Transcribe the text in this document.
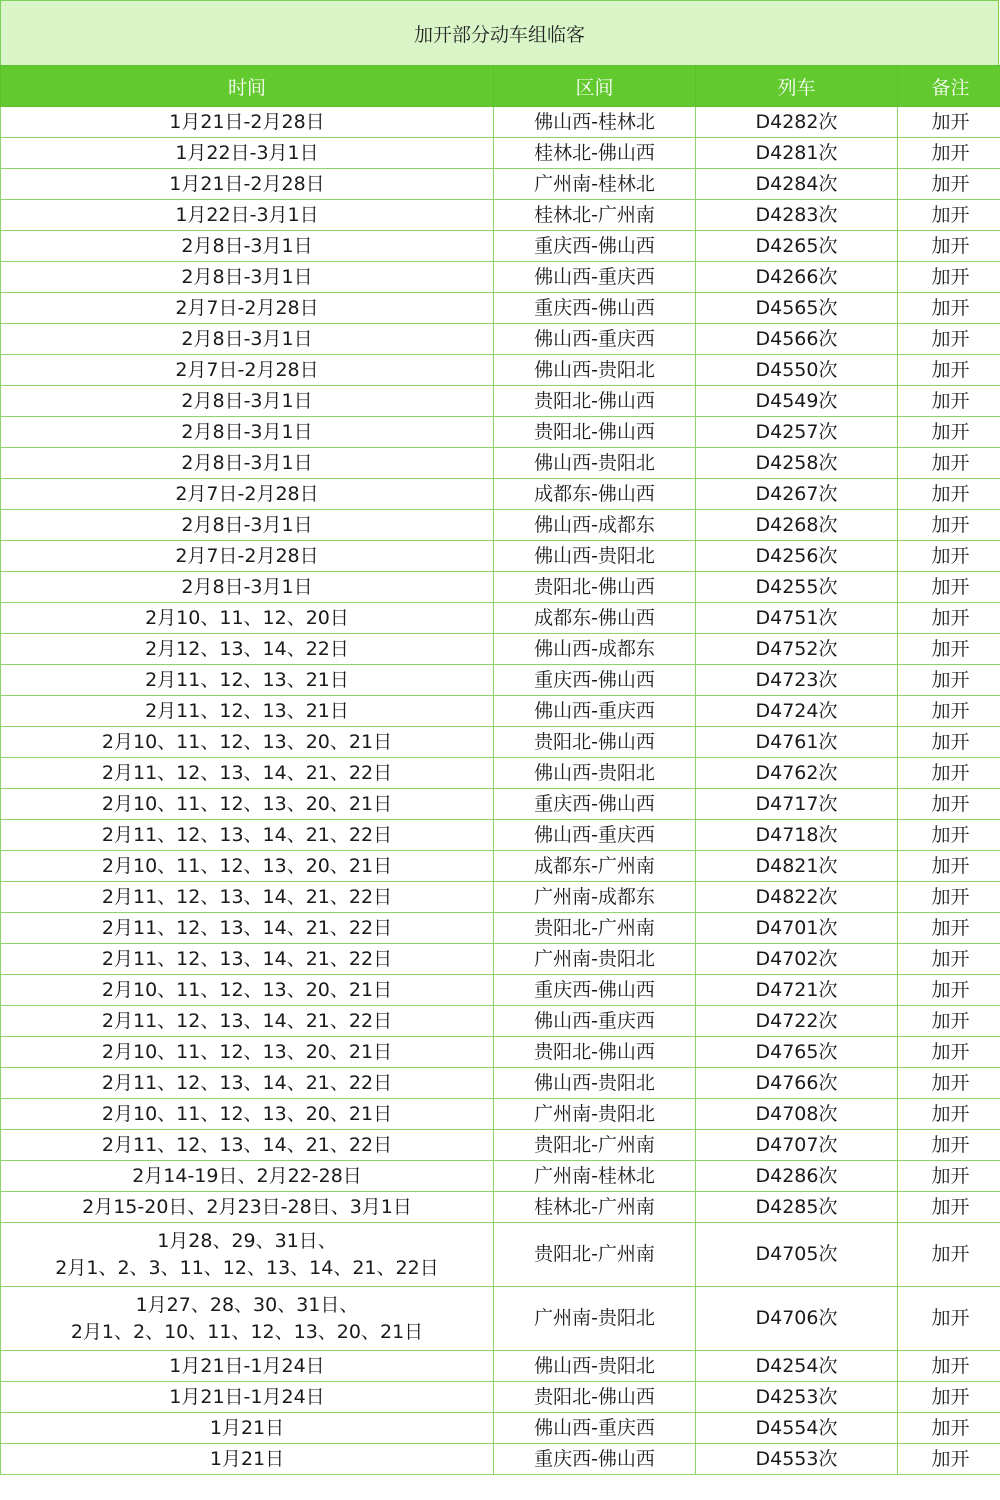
加开部分动车组临客
时间	区间	列车	备注

1月21日-2月28日	佛山西-桂林北	D4282次	加开

1月22日-3月1日	桂林北-佛山西	D4281次	加开

1月21日-2月28日	广州南-桂林北	D4284次	加开

1月22日-3月1日	桂林北-广州南	D4283次	加开

2月8日-3月1日	重庆西-佛山西	D4265次	加开

2月8日-3月1日	佛山西-重庆西	D4266次	加开

2月7日-2月28日	重庆西-佛山西	D4565次	加开

2月8日-3月1日	佛山西-重庆西	D4566次	加开

2月7日-2月28日	佛山西-贵阳北	D4550次	加开

2月8日-3月1日	贵阳北-佛山西	D4549次	加开

2月8日-3月1日	贵阳北-佛山西	D4257次	加开

2月8日-3月1日	佛山西-贵阳北	D4258次	加开

2月7日-2月28日	成都东-佛山西	D4267次	加开

2月8日-3月1日	佛山西-成都东	D4268次	加开

2月7日-2月28日	佛山西-贵阳北	D4256次	加开

2月8日-3月1日	贵阳北-佛山西	D4255次	加开

2月10、11、12、20日	成都东-佛山西	D4751次	加开

2月12、13、14、22日	佛山西-成都东	D4752次	加开

2月11、12、13、21日	重庆西-佛山西	D4723次	加开

2月11、12、13、21日	佛山西-重庆西	D4724次	加开

2月10、11、12、13、20、21日	贵阳北-佛山西	D4761次	加开

2月11、12、13、14、21、22日	佛山西-贵阳北	D4762次	加开

2月10、11、12、13、20、21日	重庆西-佛山西	D4717次	加开

2月11、12、13、14、21、22日	佛山西-重庆西	D4718次	加开

2月10、11、12、13、20、21日	成都东-广州南	D4821次	加开

2月11、12、13、14、21、22日	广州南-成都东	D4822次	加开

2月11、12、13、14、21、22日	贵阳北-广州南	D4701次	加开

2月11、12、13、14、21、22日	广州南-贵阳北	D4702次	加开

2月10、11、12、13、20、21日	重庆西-佛山西	D4721次	加开

2月11、12、13、14、21、22日	佛山西-重庆西	D4722次	加开

2月10、11、12、13、20、21日	贵阳北-佛山西	D4765次	加开

2月11、12、13、14、21、22日	佛山西-贵阳北	D4766次	加开

2月10、11、12、13、20、21日	广州南-贵阳北	D4708次	加开

2月11、12、13、14、21、22日	贵阳北-广州南	D4707次	加开

2月14-19日、2月22-28日	广州南-桂林北	D4286次	加开

2月15-20日、2月23日-28日、3月1日	桂林北-广州南	D4285次	加开

1月28、29、31日、
2月1、2、3、11、12、13、14、21、22日	贵阳北-广州南	D4705次	加开

1月27、28、30、31日、
2月1、2、10、11、12、13、20、21日	广州南-贵阳北	D4706次	加开

1月21日-1月24日	佛山西-贵阳北	D4254次	加开

1月21日-1月24日	贵阳北-佛山西	D4253次	加开

1月21日	佛山西-重庆西	D4554次	加开

1月21日	重庆西-佛山西	D4553次	加开
